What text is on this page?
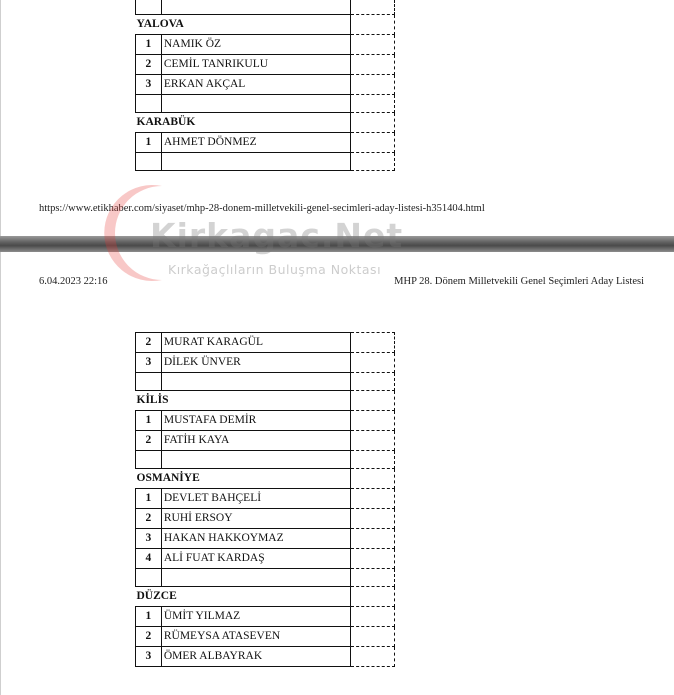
YALOVA		
1	NAMIK ÖZ	
2	CEMİL TANRIKULU	
3	ERKAN AKÇAL	

KARABÜK		
1	AHMET DÖNMEZ	

https://www.etikhaber.com/siyaset/mhp-28-donem-milletvekili-genel-secimleri-aday-listesi-h351404.html
6.04.2023 22:16	MHP 28. Dönem Milletvekili Genel Seçimleri Aday Listesi
2	MURAT KARAGÜL	
3	DİLEK ÜNVER	

KİLİS		
1	MUSTAFA DEMİR	
2	FATİH KAYA	

OSMANİYE		
1	DEVLET BAHÇELİ	
2	RUHİ ERSOY	
3	HAKAN HAKKOYMAZ	
4	ALİ FUAT KARDAŞ	

DÜZCE		
1	ÜMİT YILMAZ	
2	RÜMEYSA ATASEVEN	
3	ÖMER ALBAYRAK	
Kirkagac.Net
Kırkağaçlıların Buluşma Noktası
